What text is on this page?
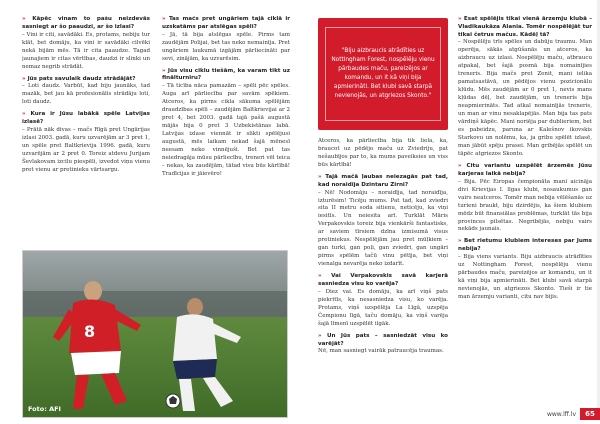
» Kāpēc vinam to pašu neizdevās sasniegt ar šo paaudzi, ar šo izlasi?
– Vini ir citi, savādāki. Es, protams, nebiju tur klāt, bet domāju, ka vini ir savādāki cilvēki nekā bijām mēs. Tā ir cita paaudze. Tagad jaunajiem ir citas vērtības, daudzi ir slinki un nemaz negrib strādāt.
» Jūs pats savulaik daudz strādājāt?
– Loti daudz. Varbūt, kad biju jaunāks, tad mazāk, bet jau kā profesionālis strādāju loti, loti daudz.
» Kura ir Jūsu labākā spēle Latvijas izlasē?
– Prātā nāk divas – mačs Rīgā pret Ungārijas izlasi 2003. gadā, kuru uzvarējām ar 3 pret 1, un spēle pret Baltkrievija 1996. gadā, kuru uzvarējām ar 2 pret 0. Toreiz atdevu Jurijam Ševlakovam izcilu piespēli, izvedot viņu vienu pret vienu ar pretinieku vārtsargu.
» Tas mačs pret ungāriem tajā ciklā ir uzskatāms par atslēgas spēli?
– Jā, tā bija atslēgas spēle. Pirms tam zaudējām Polijai, bet tas neko nemainīja. Pret ungāriem laukumā izgājām pārliecināti par sevi, zinājām, ka uzvarēsim.
» Jūs visu ciklu tiešām, ka varam tikt uz finālturnīru?
– Tā ticība nāca pamazām – spēli pēc spēles. Auga arī pārliecība par savām spēkiem. Atceros, ka pirms cikla sākuma spēlējām draudzības spēli – zaudējām Baltkrievijai ar 2 pret 4, bet 2003. gadā tajā pašā augustā mājās bija 0 pret 3 Uzbekistānas labā. Latvijas izlase viennāt ir slikti spēlējusi augustā, mēs laikam nekad šajā mēnesī neesam neko vinnējuši. Bet pat tas neiedragāja mūsu pārliecību, treneri vēl teica – nekas, ka zaudējām, tātad visu būs kārtībā! Tradīcijas ir jāievēro!
8
Foto: AFI
Atceros, ka pārliecība bija tik liela, ka, braucot uz pēdējo maču uz Zviedriju, pat nešaubījos par to, ka mums paveiksies un viss būs kārtībā!
» Tajā mačā ļaubas neiezagās pat tad, kad noraidīja Dzintaru Zirni?
– Nē! Nodomāju – noraidīja, tad noraidīja, izturēsim! Ticēju mums. Pat tad, kad zviedri sita II metru soda sitienu, neticēju, ka viņi iesitīs. Un neiesita arī. Turklāt Māris Verpakovskis toreiz bija vienkārši fantastisks, ar saviem tīrsiem dzīna izmisumā visus pretiniekus. Nespēlējām jau pret mūļkiem – gan turki, gan poļi, gan zviedri, gan ungāri pirms spēlēm tačū vinu pētīja, bet viņi vienalga nevarēja neko izdarīt.
» Vai Verpakovskis savā karjerā sasniedza visu ko varēja?
– Diez vai. Es domāju, ka arī viņš pats piekritīs, ka nesasniedza visu, ko varēja. Protams, viņš uzspēlēja La Līgā, uzspēja Čempionu līgā, taču domāju, ka viņš varēja šajā līmenī uzspēlēt ilgāk.
» Un Jūs pats – sasniedzāt visu ko varējāt?
Nē, man sasniegt vairāk patraucēja traumas.
"Biju aizbraucis atrādīties uz Nottingham Forest, nospēlēju vienu pārbaudes maču, pareizējos ar komandu, un it kā viņi bija apmierināti. Bet klubi savā starpā nevienojās, un atgriezos Skonto."
» Esat spēlējis tikai vienā ārzemju klubā – Vladikaukāza Alania. Tomēr nospēlējāt tur tikai četrus mačus. Kādēļ tā?
– Nospēlēju trīs spēles un dabūju traumu. Man operēja, sākās atgūšanās un atceros, ka aizbraucu uz izlasi. Nospēlēju maču, atbraucu atpakaļ, bet šajā posmā bija nomainījies treneris. Bija mačs pret Zenit, mani ielika pamatsastāvā, un pēdējos vienu pozicionālu klūdu. Mēs zaudējām ar 0 pret 1, nevis mans kļūdas dēļ, bet zaudējām, un treneris bija neapmierināts. Tad atkal nomainījās treneris, un man ar vinu nesaklapējās. Man bija tas pats vārdiņš kāpēc. Mani noriēja par dublieriem, bet es pabeidzu, paruna ar Kalešnov ikovskis Starkovu un nolēmu, ka, ja gribu spēlēt izlasē, man jābūt spēju prasei. Man gribējās spēlēt un tāpēc atgriezos Skonto.
» Citu variantu uzspēlēt ārzemēs Jūsu karjeras laikā nebija?
– Bija. Pēc Eiropas čempionāta mani aicināja divi Krievijas I. līgas klubi, nosaukumus gan vairs neatceros. Tomēr man nebija vēlēšanās uz turieni braukt, biju dzirdējis, ka šiem klubiem mēdz būt finansiālas problēmas, turklāt tās bija provinces pilsētas. Negribējās, nebiju vairs nekāds jaunais.
» Bet rietumu klubiem intereses par Jums nebija?
– Bija viens variants. Biju aizbraucis atrādīties uz Nottingham Forest, nospēlēju vienu pārbaudes maču, pareizējos ar komandu, un it kā viņi bija apmierināti. Bet klubi savā starpā nevienojās, un atgriezos Skonto. Tieši ir tie man ārzemju varianti, citu nav bijis.
www.lff.lv	65
